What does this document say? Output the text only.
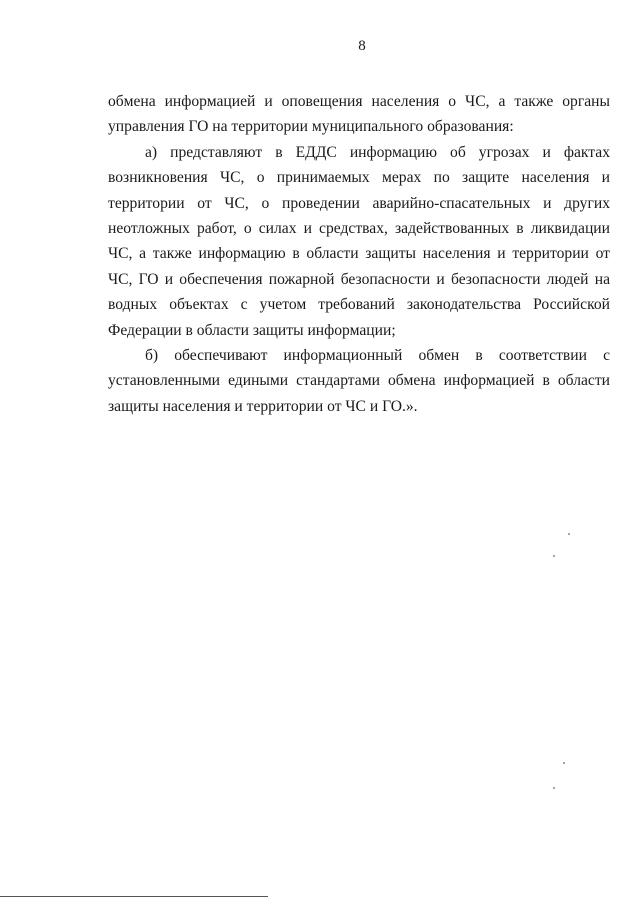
8

обмена информацией и оповещения населения о ЧС, а также органы управления ГО на территории муниципального образования:

а) представляют в ЕДДС информацию об угрозах и фактах возникновения ЧС, о принимаемых мерах по защите населения и территории от ЧС, о проведении аварийно-спасательных и других неотложных работ, о силах и средствах, задействованных в ликвидации ЧС, а также информацию в области защиты населения и территории от ЧС, ГО и обеспечения пожарной безопасности и безопасности людей на водных объектах с учетом требований законодательства Российской Федерации в области защиты информации;

б) обеспечивают информационный обмен в соответствии с установленными едиными стандартами обмена информацией в области защиты населения и территории от ЧС и ГО.».
